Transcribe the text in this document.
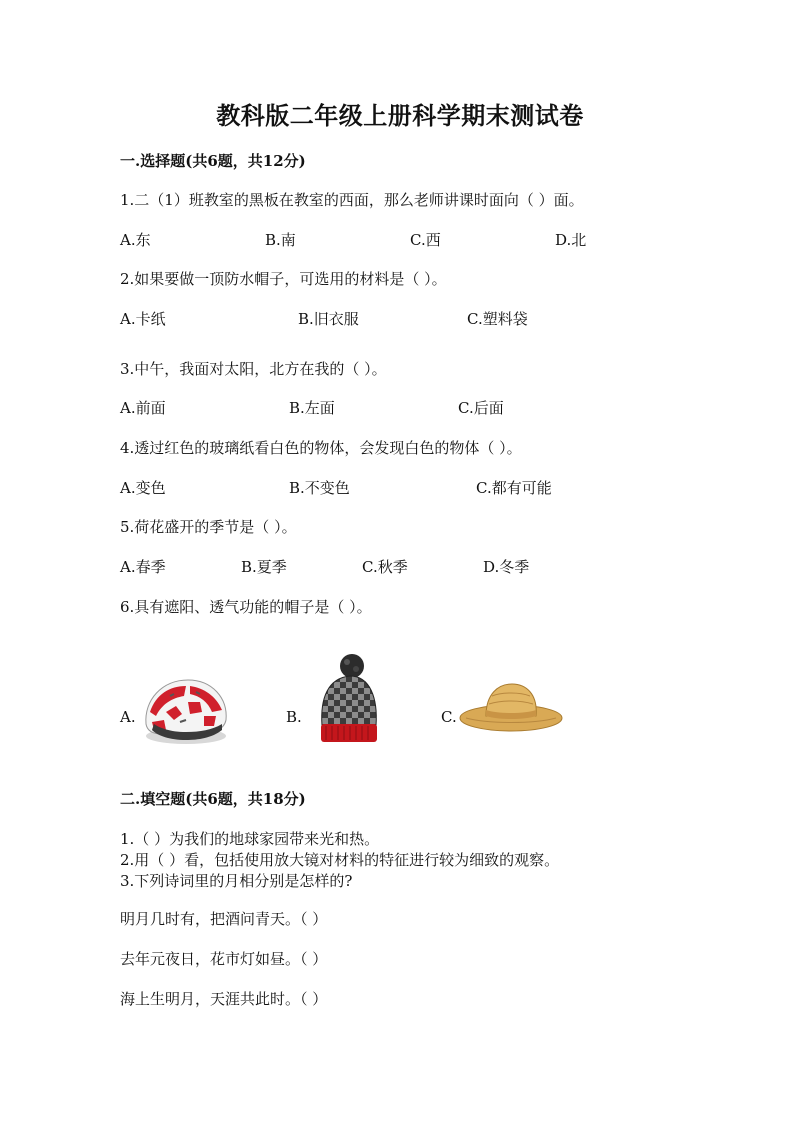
教科版二年级上册科学期末测试卷
一.选择题(共6题，共12分)
1.二（1）班教室的黑板在教室的西面，那么老师讲课时面向（ ）面。
A.东	B.南	C.西	D.北
2.如果要做一顶防水帽子，可选用的材料是（ ）。
A.卡纸	B.旧衣服	C.塑料袋
3.中午，我面对太阳，北方在我的（ ）。
A.前面	B.左面	C.后面
4.透过红色的玻璃纸看白色的物体，会发现白色的物体（ ）。
A.变色	B.不变色	C.都有可能
5.荷花盛开的季节是（ ）。
A.春季	B.夏季	C.秋季	D.冬季
6.具有遮阳、透气功能的帽子是（ ）。
A.	B.	C.
二.填空题(共6题，共18分)
1.（ ）为我们的地球家园带来光和热。
2.用（ ）看，包括使用放大镜对材料的特征进行较为细致的观察。
3.下列诗词里的月相分别是怎样的?
明月几时有，把酒问青天。（ ）
去年元夜日，花市灯如昼。（ ）
海上生明月，天涯共此时。（ ）
